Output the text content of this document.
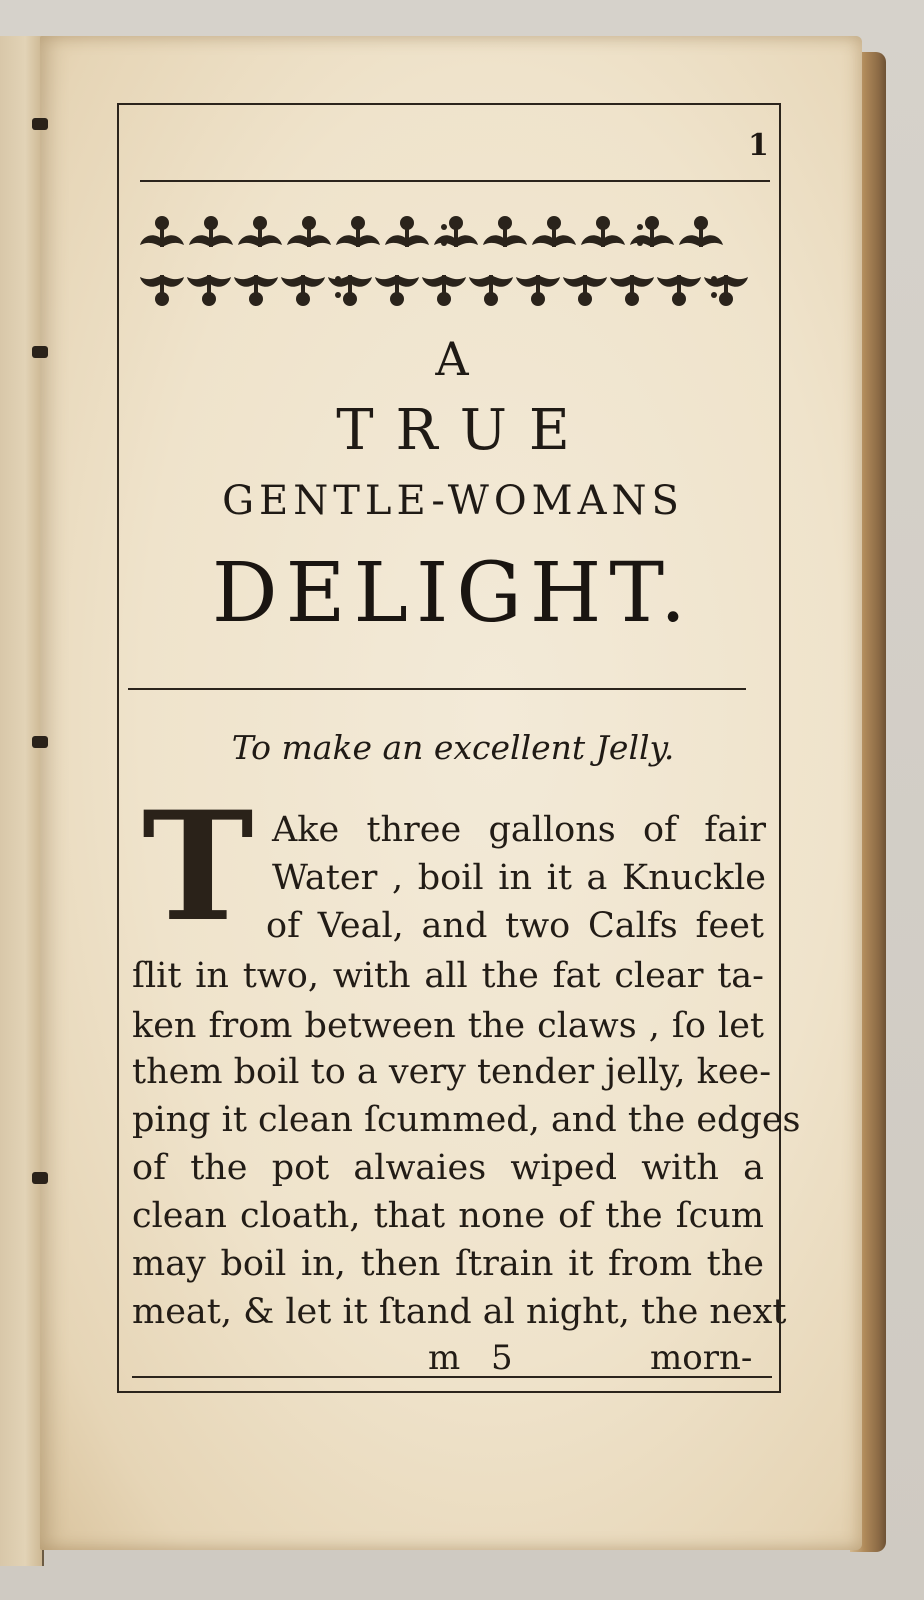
1
A
TRUE
GENTLE-WOMANS
DELIGHT.
To make an excellent Jelly.
T Ake three gallons of fair
Water , boil in it a Knuckle
of Veal, and two Calfs feet
ſlit in two, with all the fat clear ta-
ken from between the claws , ſo let
them boil to a very tender jelly, kee-
ping it clean ſcummed, and the edges
of the pot alwaies wiped with a
clean cloath, that none of the ſcum
may boil in, then ſtrain it from the
meat, & let it ſtand al night, the next
m 5	morn-
